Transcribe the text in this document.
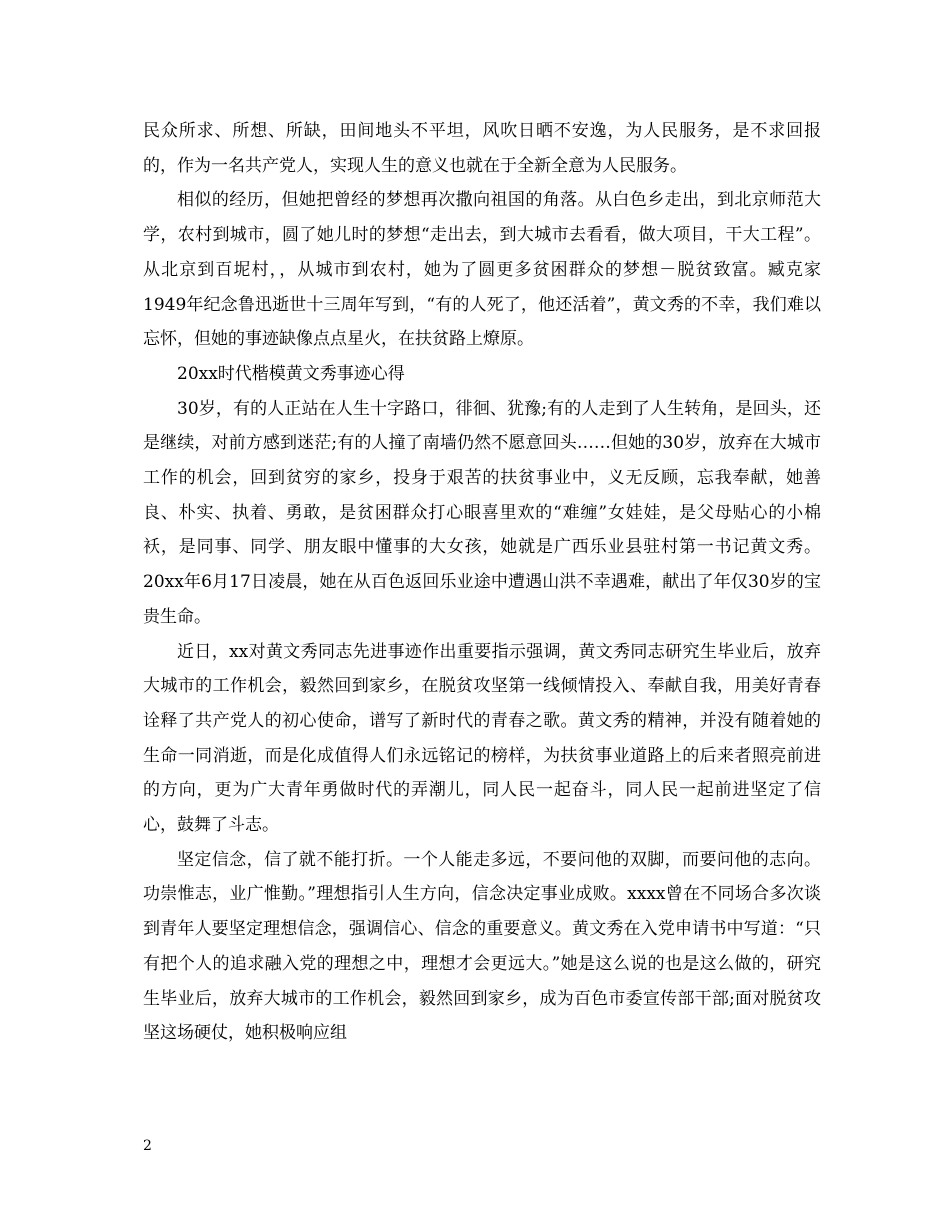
民众所求、所想、所缺，田间地头不平坦，风吹日晒不安逸，为人民服务，是不求回报的，作为一名共产党人，实现人生的意义也就在于全新全意为人民服务。

相似的经历，但她把曾经的梦想再次撒向祖国的角落。从白色乡走出，到北京师范大学，农村到城市，圆了她儿时的梦想“走出去，到大城市去看看，做大项目，干大工程”。从北京到百坭村，，从城市到农村，她为了圆更多贫困群众的梦想－脱贫致富。臧克家1949年纪念鲁迅逝世十三周年写到，“有的人死了，他还活着”，黄文秀的不幸，我们难以忘怀，但她的事迹缺像点点星火，在扶贫路上燎原。

20xx时代楷模黄文秀事迹心得

30岁，有的人正站在人生十字路口，徘徊、犹豫;有的人走到了人生转角，是回头，还是继续，对前方感到迷茫;有的人撞了南墙仍然不愿意回头……但她的30岁，放弃在大城市工作的机会，回到贫穷的家乡，投身于艰苦的扶贫事业中，义无反顾，忘我奉献，她善良、朴实、执着、勇敢，是贫困群众打心眼喜里欢的“难缠”女娃娃，是父母贴心的小棉袄，是同事、同学、朋友眼中懂事的大女孩，她就是广西乐业县驻村第一书记黄文秀。20xx年6月17日凌晨，她在从百色返回乐业途中遭遇山洪不幸遇难，献出了年仅30岁的宝贵生命。

近日，xx对黄文秀同志先进事迹作出重要指示强调，黄文秀同志研究生毕业后，放弃大城市的工作机会，毅然回到家乡，在脱贫攻坚第一线倾情投入、奉献自我，用美好青春诠释了共产党人的初心使命，谱写了新时代的青春之歌。黄文秀的精神，并没有随着她的生命一同消逝，而是化成值得人们永远铭记的榜样，为扶贫事业道路上的后来者照亮前进的方向，更为广大青年勇做时代的弄潮儿，同人民一起奋斗，同人民一起前进坚定了信心，鼓舞了斗志。

坚定信念，信了就不能打折。一个人能走多远，不要问他的双脚，而要问他的志向。功崇惟志，业广惟勤。”理想指引人生方向，信念决定事业成败。xxxx曾在不同场合多次谈到青年人要坚定理想信念，强调信心、信念的重要意义。黄文秀在入党申请书中写道：“只有把个人的追求融入党的理想之中，理想才会更远大。”她是这么说的也是这么做的，研究生毕业后，放弃大城市的工作机会，毅然回到家乡，成为百色市委宣传部干部;面对脱贫攻坚这场硬仗，她积极响应组

2
